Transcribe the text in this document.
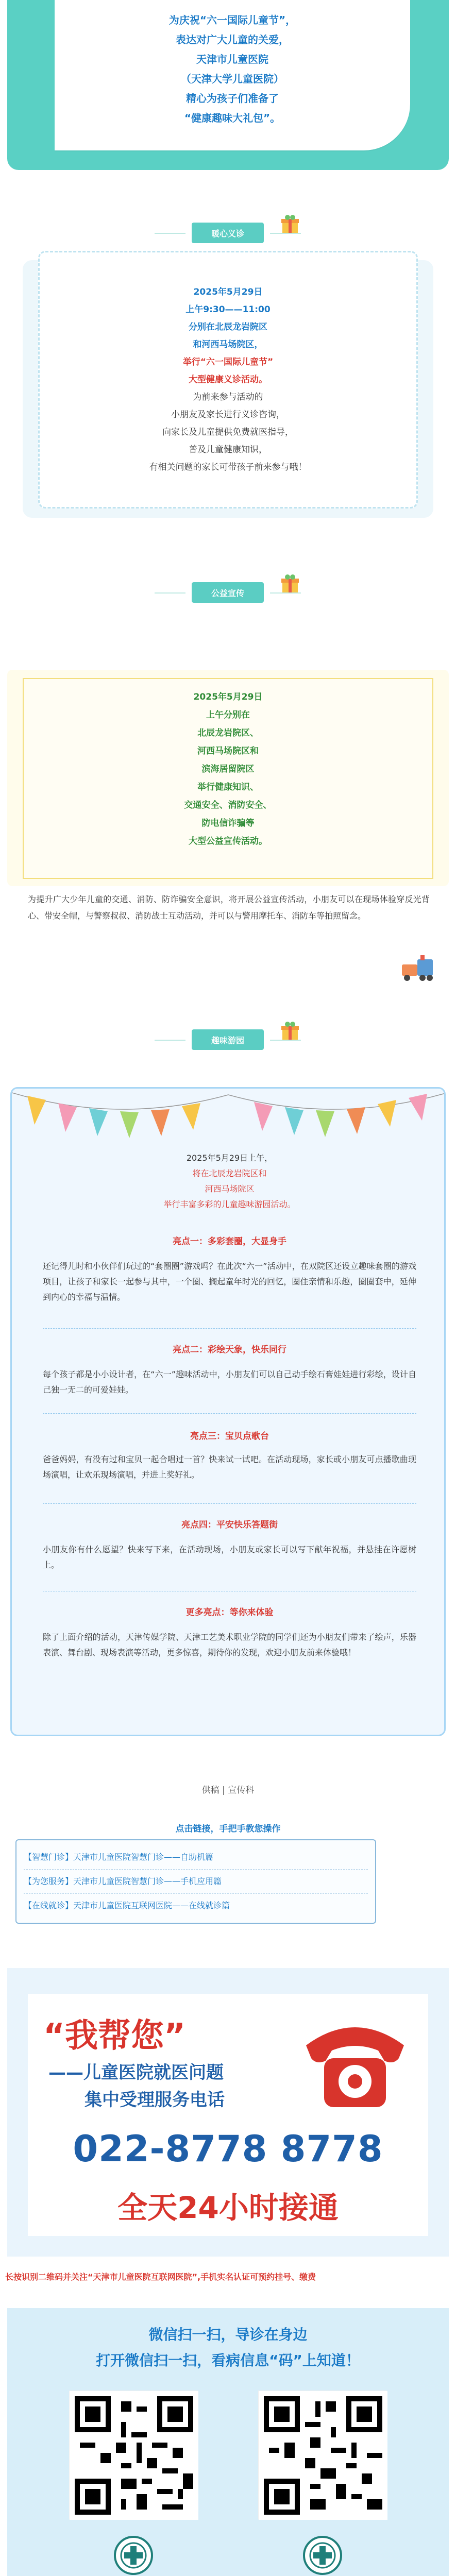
为庆祝“六一国际儿童节”，
表达对广大儿童的关爱，
天津市儿童医院
（天津大学儿童医院）
精心为孩子们准备了
“健康趣味大礼包”。
暖心义诊
2025年5月29日
上午9:30——11:00
分别在北辰龙岩院区
和河西马场院区，
举行“六一国际儿童节”
大型健康义诊活动。
为前来参与活动的
小朋友及家长进行义诊咨询，
向家长及儿童提供免费就医指导，
普及儿童健康知识，
有相关问题的家长可带孩子前来参与哦！
公益宣传
2025年5月29日
上午分别在
北辰龙岩院区、
河西马场院区和
滨海居留院区
举行健康知识、
交通安全、消防安全、
防电信诈骗等
大型公益宣传活动。
为提升广大少年儿童的交通、消防、防诈骗安全意识，将开展公益宣传活动，小朋友可以在现场体验穿反光背心、带安全帽，与警察叔叔、消防战士互动活动，并可以与警用摩托车、消防车等拍照留念。
趣味游园
2025年5月29日上午，
将在北辰龙岩院区和
河西马场院区
举行丰富多彩的儿童趣味游园活动。
亮点一：多彩套圈，大显身手
还记得儿时和小伙伴们玩过的“套圈圈”游戏吗？在此次“六一”活动中，在双院区还设立趣味套圈的游戏项目，让孩子和家长一起参与其中，一个圈、搁起童年时光的回忆，圈住亲情和乐趣，圈圈套中，延伸到内心的幸福与温情。
亮点二：彩绘天象，快乐同行
每个孩子都是小小设计者，在“六一”趣味活动中，小朋友们可以自己动手绘石膏娃娃进行彩绘，设计自己独一无二的可爱娃娃。
亮点三：宝贝点歌台
爸爸妈妈，有没有过和宝贝一起合唱过一首？快来试一试吧。在活动现场，家长或小朋友可点播歌曲现场演唱，让欢乐现场演唱，并进上奖好礼。
亮点四：平安快乐答题街
小朋友你有什么愿望？快来写下来，在活动现场，小朋友或家长可以写下献年祝福，并悬挂在许愿树上。
更多亮点：等你来体验
除了上面介绍的活动，天津传媒学院、天津工艺美术职业学院的同学们还为小朋友们带来了绘声，乐器表演、舞台剧、现场表演等活动，更多惊喜，期待你的发现，欢迎小朋友前来体验哦！
供稿 | 宣传科
点击链接，手把手教您操作
【智慧门诊】天津市儿童医院智慧门诊——自助机篇
【为您服务】天津市儿童医院智慧门诊——手机应用篇
【在线就诊】天津市儿童医院互联网医院——在线就诊篇
“我帮您”
——儿童医院就医问题
集中受理服务电话
022-8778 8778
全天24小时接通
长按识别二维码并关注“天津市儿童医院互联网医院”,手机实名认证可预约挂号、缴费
微信扫一扫，导诊在身边
打开微信扫一扫，看病信息“码”上知道！
